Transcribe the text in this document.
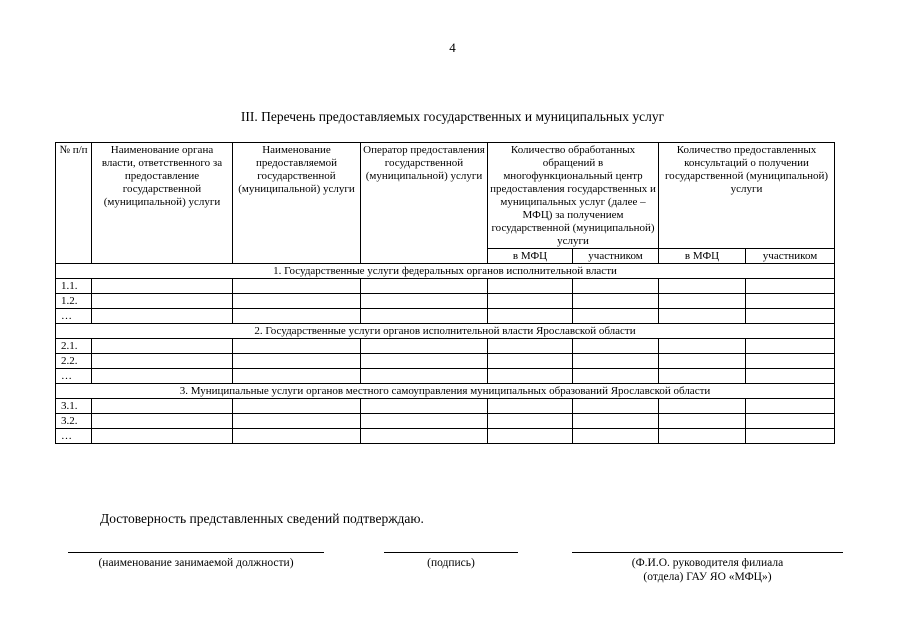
4
III. Перечень предоставляемых государственных и муниципальных услуг
№ п/п	Наименование органа власти, ответственного за предоставление государственной (муниципальной) услуги	Наименование предоставляемой государственной (муниципальной) услуги	Оператор предоставления государственной (муниципальной) услуги	Количество обработанных обращений в многофункциональный центр предоставления государственных и муниципальных услуг (далее – МФЦ) за получением государственной (муниципальной) услуги		Количество предоставленных консультаций о получении государственной (муниципальной) услуги	
				в МФЦ	участником	в МФЦ	участником
1. Государственные услуги федеральных органов исполнительной власти							
1.1.							
1.2.							
…							
2. Государственные услуги органов исполнительной власти Ярославской области							
2.1.							
2.2.							
…							
3. Муниципальные услуги органов местного самоуправления муниципальных образований Ярославской области							
3.1.							
3.2.							
…							
Достоверность представленных сведений подтверждаю.
(наименование занимаемой должности)	(подпись)	(Ф.И.О. руководителя филиала
(отдела) ГАУ ЯО «МФЦ»)
